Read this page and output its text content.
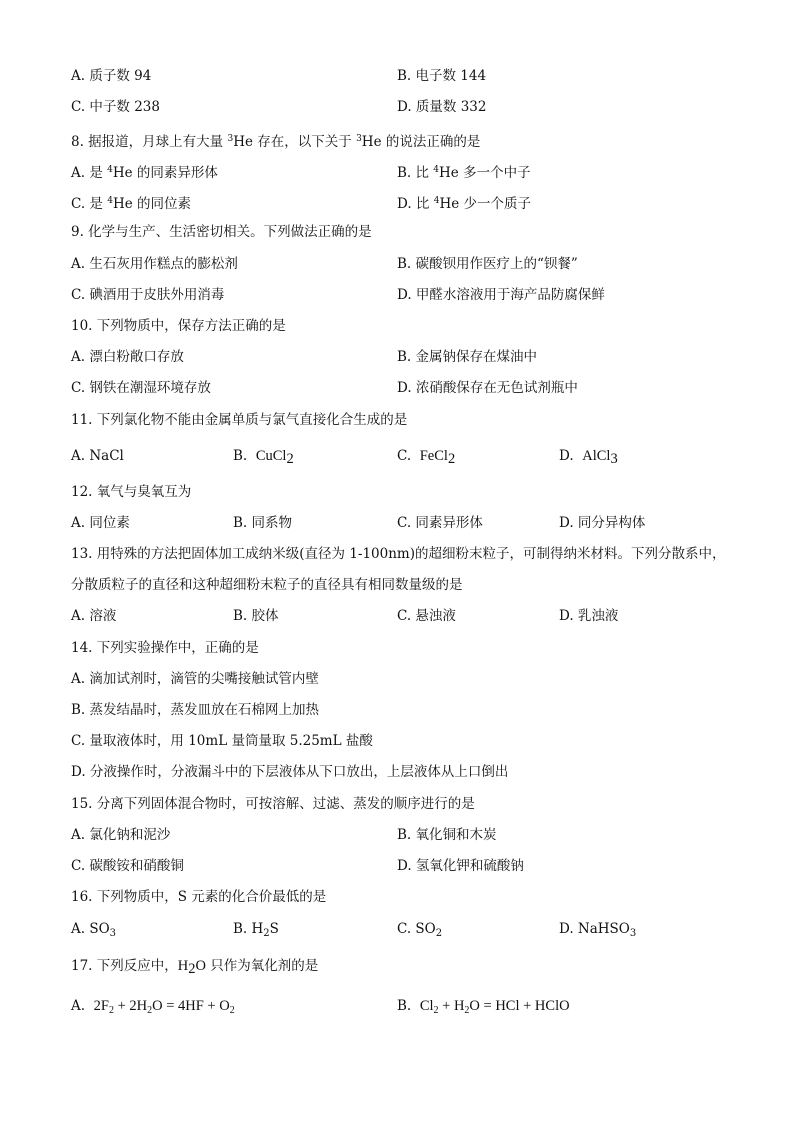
A. 质子数 94	B. 电子数 144
C. 中子数 238	D. 质量数 332
8. 据报道，月球上有大量 $^3$He 存在，以下关于 $^3$He 的说法正确的是
A. 是 $^4$He 的同素异形体	B. 比 $^4$He 多一个中子
C. 是 $^4$He 的同位素	D. 比 $^4$He 少一个质子
9. 化学与生产、生活密切相关。下列做法正确的是
A. 生石灰用作糕点的膨松剂	B. 碳酸钡用作医疗上的“钡餐”
C. 碘酒用于皮肤外用消毒	D. 甲醛水溶液用于海产品防腐保鲜
10. 下列物质中，保存方法正确的是
A. 漂白粉敞口存放	B. 金属钠保存在煤油中
C. 钢铁在潮湿环境存放	D. 浓硝酸保存在无色试剂瓶中
11. 下列氯化物不能由金属单质与氯气直接化合生成的是
A. NaCl	B. CuCl$_2$	C. FeCl$_2$	D. AlCl$_3$
12. 氧气与臭氧互为
A. 同位素	B. 同系物	C. 同素异形体	D. 同分异构体
13. 用特殊的方法把固体加工成纳米级(直径为 1-100nm)的超细粉末粒子，可制得纳米材料。下列分散系中，
分散质粒子的直径和这种超细粉末粒子的直径具有相同数量级的是
A. 溶液	B. 胶体	C. 悬浊液	D. 乳浊液
14. 下列实验操作中，正确的是
A. 滴加试剂时，滴管的尖嘴接触试管内壁
B. 蒸发结晶时，蒸发皿放在石棉网上加热
C. 量取液体时，用 10mL 量筒量取 5.25mL 盐酸
D. 分液操作时，分液漏斗中的下层液体从下口放出，上层液体从上口倒出
15. 分离下列固体混合物时，可按溶解、过滤、蒸发的顺序进行的是
A. 氯化钠和泥沙	B. 氧化铜和木炭
C. 碳酸铵和硝酸铜	D. 氢氧化钾和硫酸钠
16. 下列物质中，S 元素的化合价最低的是
A. $SO_3$	B. $H_2S$	C. $SO_2$	D. NaHSO$_3$
17. 下列反应中，$H_2O$ 只作为氧化剂的是
A. $2F_2 + 2H_2O = 4HF + O_2$	B. $Cl_2 + H_2O$ = HCl + HClO
